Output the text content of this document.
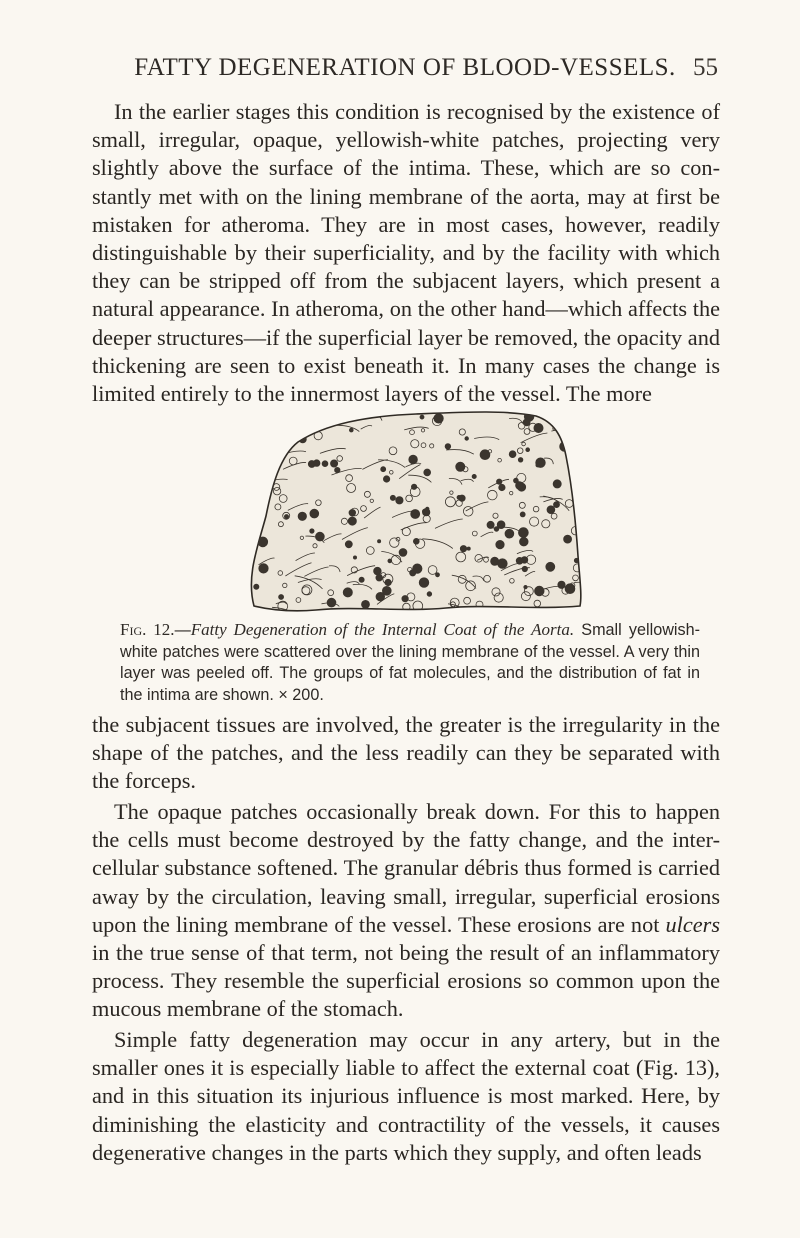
FATTY DEGENERATION OF BLOOD-VESSELS. 55

In the earlier stages this condition is recognised by the existence of small, irregular, opaque, yellowish-white patches, projecting very slightly above the surface of the intima. These, which are so con- stantly met with on the lining membrane of the aorta, may at first be mistaken for atheroma. They are in most cases, however, readily distinguishable by their superficiality, and by the facility with which they can be stripped off from the subjacent layers, which present a natural appearance. In atheroma, on the other hand—which affects the deeper structures—if the superficial layer be removed, the opacity and thickening are seen to exist beneath it. In many cases the change is limited entirely to the innermost layers of the vessel. The more

Fig. 12.—Fatty Degeneration of the Internal Coat of the Aorta. Small yellowish-white patches were scattered over the lining membrane of the vessel. A very thin layer was peeled off. The groups of fat molecules, and the distribution of fat in the intima are shown. × 200.

the subjacent tissues are involved, the greater is the irregularity in the shape of the patches, and the less readily can they be separated with the forceps.

The opaque patches occasionally break down. For this to happen the cells must become destroyed by the fatty change, and the inter- cellular substance softened. The granular débris thus formed is carried away by the circulation, leaving small, irregular, superficial erosions upon the lining membrane of the vessel. These erosions are not ulcers in the true sense of that term, not being the result of an inflammatory process. They resemble the superficial erosions so common upon the mucous membrane of the stomach.

Simple fatty degeneration may occur in any artery, but in the smaller ones it is especially liable to affect the external coat (Fig. 13), and in this situation its injurious influence is most marked. Here, by diminishing the elasticity and contractility of the vessels, it causes degenerative changes in the parts which they supply, and often leads
